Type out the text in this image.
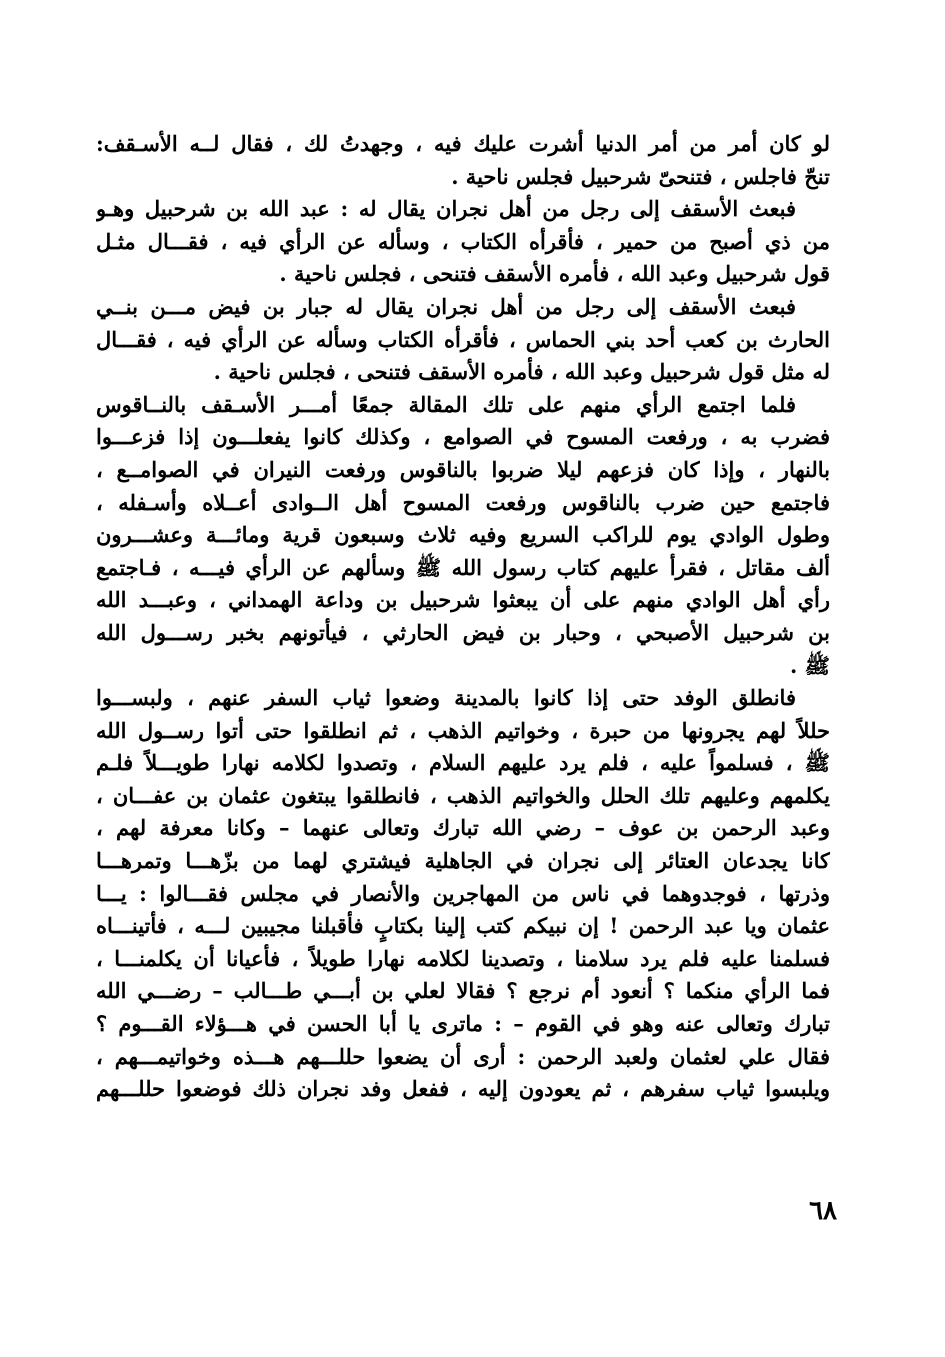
لو كان أمر من أمر الدنيا أشرت عليك فيه ، وجهدتُ لك ، فقال لــه الأسـقف:
تنحّ فاجلس ، فتنحىّ شرحبيل فجلس ناحية .
فبعث الأسقف إلى رجل من أهل نجران يقال له : عبد الله بن شرحبيل وهـو
من ذي أصبح من حمير ، فأقرأه الكتاب ، وسأله عن الرأي فيه ، فقـــال مثـل
قول شرحبيل وعبد الله ، فأمره الأسقف فتنحى ، فجلس ناحية .
فبعث الأسقف إلى رجل من أهل نجران يقال له جبار بن فيض مـــن بنــي
الحارث بن كعب أحد بني الحماس ، فأقرأه الكتاب وسأله عن الرأي فيه ، فقـــال
له مثل قول شرحبيل وعبد الله ، فأمره الأسقف فتنحى ، فجلس ناحية .
فلما اجتمع الرأي منهم على تلك المقالة جمعًا أمـــر الأسـقف بالنــاقوس
فضرب به ، ورفعت المسوح في الصوامع ، وكذلك كانوا يفعلـــون إذا فزعـــوا
بالنهار ، وإذا كان فزعهم ليلا ضربوا بالناقوس ورفعت النيران في الصوامــع ،
فاجتمع حين ضرب بالناقوس ورفعت المسوح أهل الــوادى أعــلاه وأسـفله ،
وطول الوادي يوم للراكب السريع وفيه ثلاث وسبعون قرية ومائـــة وعشـــرون
ألف مقاتل ، فقرأ عليهم كتاب رسول الله ﷺ وسألهم عن الرأي فيـــه ، فـاجتمع
رأي أهل الوادي منهم على أن يبعثوا شرحبيل بن وداعة الهمداني ، وعبـــد الله
بن شرحبيل الأصبحي ، وحبار بن فيض الحارثي ، فيأتونهم بخبر رســـول الله
ﷺ .
فانطلق الوفد حتى إذا كانوا بالمدينة وضعوا ثياب السفر عنهم ، ولبســـوا
حللاً لهم يجرونها من حبرة ، وخواتيم الذهب ، ثم انطلقوا حتى أتوا رســول الله
ﷺ ، فسلمواً عليه ، فلم يرد عليهم السلام ، وتصدوا لكلامه نهارا طويـــلاً فلـم
يكلمهم وعليهم تلك الحلل والخواتيم الذهب ، فانطلقوا يبتغون عثمان بن عفـــان ،
وعبد الرحمن بن عوف – رضي الله تبارك وتعالى عنهما – وكانا معرفة لهم ،
كانا يجدعان العتائر إلى نجران في الجاهلية فيشتري لهما من بزّهـــا وتمرهـــا
وذرتها ، فوجدوهما في ناس من المهاجرين والأنصار في مجلس فقـــالوا : يـــا
عثمان ويا عبد الرحمن ! إن نبيكم كتب إلينا بكتابٍ فأقبلنا مجيبين لـــه ، فأتينـــاه
فسلمنا عليه فلم يرد سلامنا ، وتصدينا لكلامه نهارا طويلاً ، فأعيانا أن يكلمنـــا ،
فما الرأي منكما ؟ أنعود أم نرجع ؟ فقالا لعلي بن أبـــي طـــالب – رضـــي الله
تبارك وتعالى عنه وهو في القوم – : ماترى يا أبا الحسن في هـــؤلاء القـــوم ؟
فقال علي لعثمان ولعبد الرحمن : أرى أن يضعوا حللـــهم هـــذه وخواتيمـــهم ،
ويلبسوا ثياب سفرهم ، ثم يعودون إليه ، ففعل وفد نجران ذلك فوضعوا حللـــهم
٦٨
